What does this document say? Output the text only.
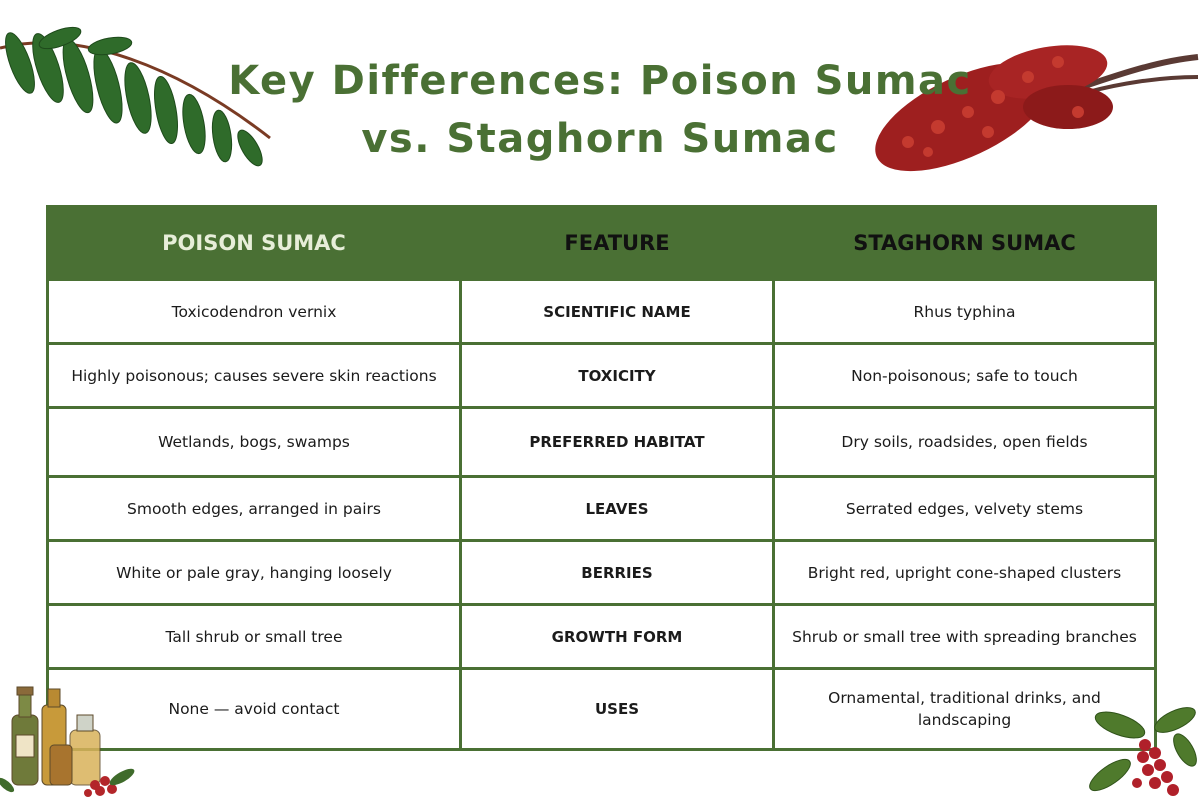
Key Differences: Poison Sumac
vs. Staghorn Sumac
POISON SUMAC	FEATURE	STAGHORN SUMAC
Toxicodendron vernix	SCIENTIFIC NAME	Rhus typhina
Highly poisonous; causes severe skin reactions	TOXICITY	Non-poisonous; safe to touch
Wetlands, bogs, swamps	PREFERRED HABITAT	Dry soils, roadsides, open fields
Smooth edges, arranged in pairs	LEAVES	Serrated edges, velvety stems
White or pale gray, hanging loosely	BERRIES	Bright red, upright cone-shaped clusters
Tall shrub or small tree	GROWTH FORM	Shrub or small tree with spreading branches
None — avoid contact	USES	Ornamental, traditional drinks, and landscaping
